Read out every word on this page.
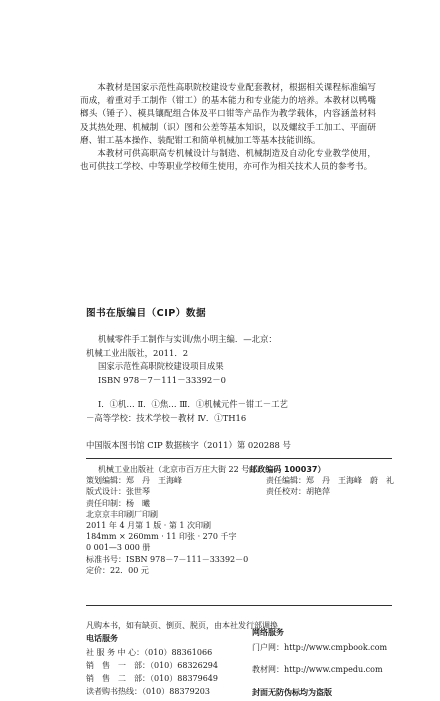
本教材是国家示范性高职院校建设专业配套教材，根据相关课程标准编写而成，着重对手工制作（钳工）的基本能力和专业能力的培养。本教材以鸭嘴榔头（锤子）、模具镶配组合体及平口钳等产品作为教学载体，内容涵盖材料及其热处理、机械制（识）图和公差等基本知识，以及螺纹手工加工、平面研磨、钳工基本操作、装配钳工和简单机械加工等基本技能训练。

本教材可供高职高专机械设计与制造、机械制造及自动化专业教学使用，也可供技工学校、中等职业学校师生使用，亦可作为相关技术人员的参考书。

图书在版编目（CIP）数据
机械零件手工制作与实训/焦小明主编．—北京：
机械工业出版社，2011．2
国家示范性高职院校建设项目成果
ISBN 978－7－111－33392－0
Ⅰ．①机… Ⅱ．①焦… Ⅲ．①机械元件－钳工－工艺
－高等学校：技术学校－教材 Ⅳ．①TH16
中国版本图书馆 CIP 数据核字（2011）第 020288 号
机械工业出版社（北京市百万庄大街 22 号邮政编码 100037）
策划编辑：郑　丹　王海峰	责任编辑：郑　丹　王海峰　蔚　礼
版式设计：张世琴	责任校对：胡艳萍
责任印制：杨　曦
北京京丰印刷厂印刷
2011 年 4 月第 1 版 · 第 1 次印刷
184mm × 260mm · 11 印张 · 270 千字
0 001—3 000 册
标准书号：ISBN 978－7－111－33392－0
定价：22．00 元
凡购本书，如有缺页、倒页、脱页，由本社发行部调换
电话服务
社 服 务 中 心：（010）88361066
销　售　一　部：（010）68326294
销　售　二　部：（010）88379649
读者购书热线：（010）88379203
网络服务
门户网：http://www.cmpbook.com
教材网：http://www.cmpedu.com
封面无防伪标均为盗版
